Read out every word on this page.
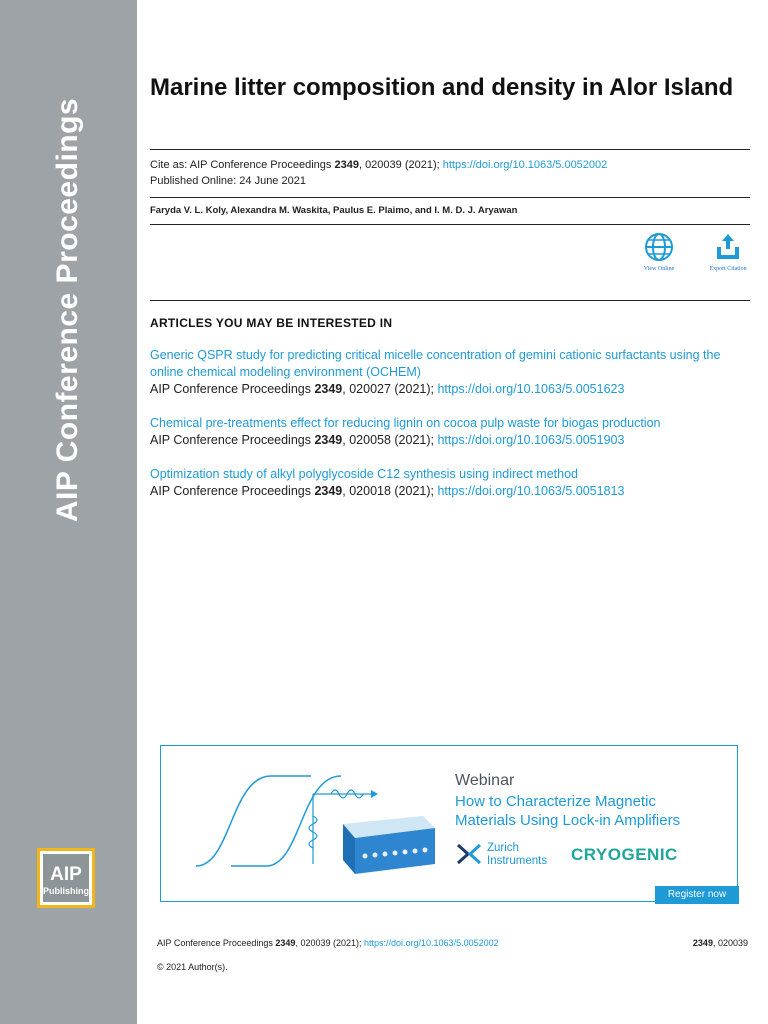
AIP Conference Proceedings
AIP
Publishing
Marine litter composition and density in Alor Island
Cite as: AIP Conference Proceedings 2349, 020039 (2021); https://doi.org/10.1063/5.0052002
Published Online: 24 June 2021
Faryda V. L. Koly, Alexandra M. Waskita, Paulus E. Plaimo, and I. M. D. J. Aryawan
View Online	Export Citation
ARTICLES YOU MAY BE INTERESTED IN
Generic QSPR study for predicting critical micelle concentration of gemini cationic surfactants using the online chemical modeling environment (OCHEM)
AIP Conference Proceedings 2349, 020027 (2021); https://doi.org/10.1063/5.0051623
Chemical pre-treatments effect for reducing lignin on cocoa pulp waste for biogas production
AIP Conference Proceedings 2349, 020058 (2021); https://doi.org/10.1063/5.0051903
Optimization study of alkyl polyglycoside C12 synthesis using indirect method
AIP Conference Proceedings 2349, 020018 (2021); https://doi.org/10.1063/5.0051813
Webinar
How to Characterize Magnetic
Materials Using Lock-in Amplifiers
Zurich
Instruments CRYOGENIC
Register now
AIP Conference Proceedings 2349, 020039 (2021); https://doi.org/10.1063/5.0052002	2349, 020039
© 2021 Author(s).
